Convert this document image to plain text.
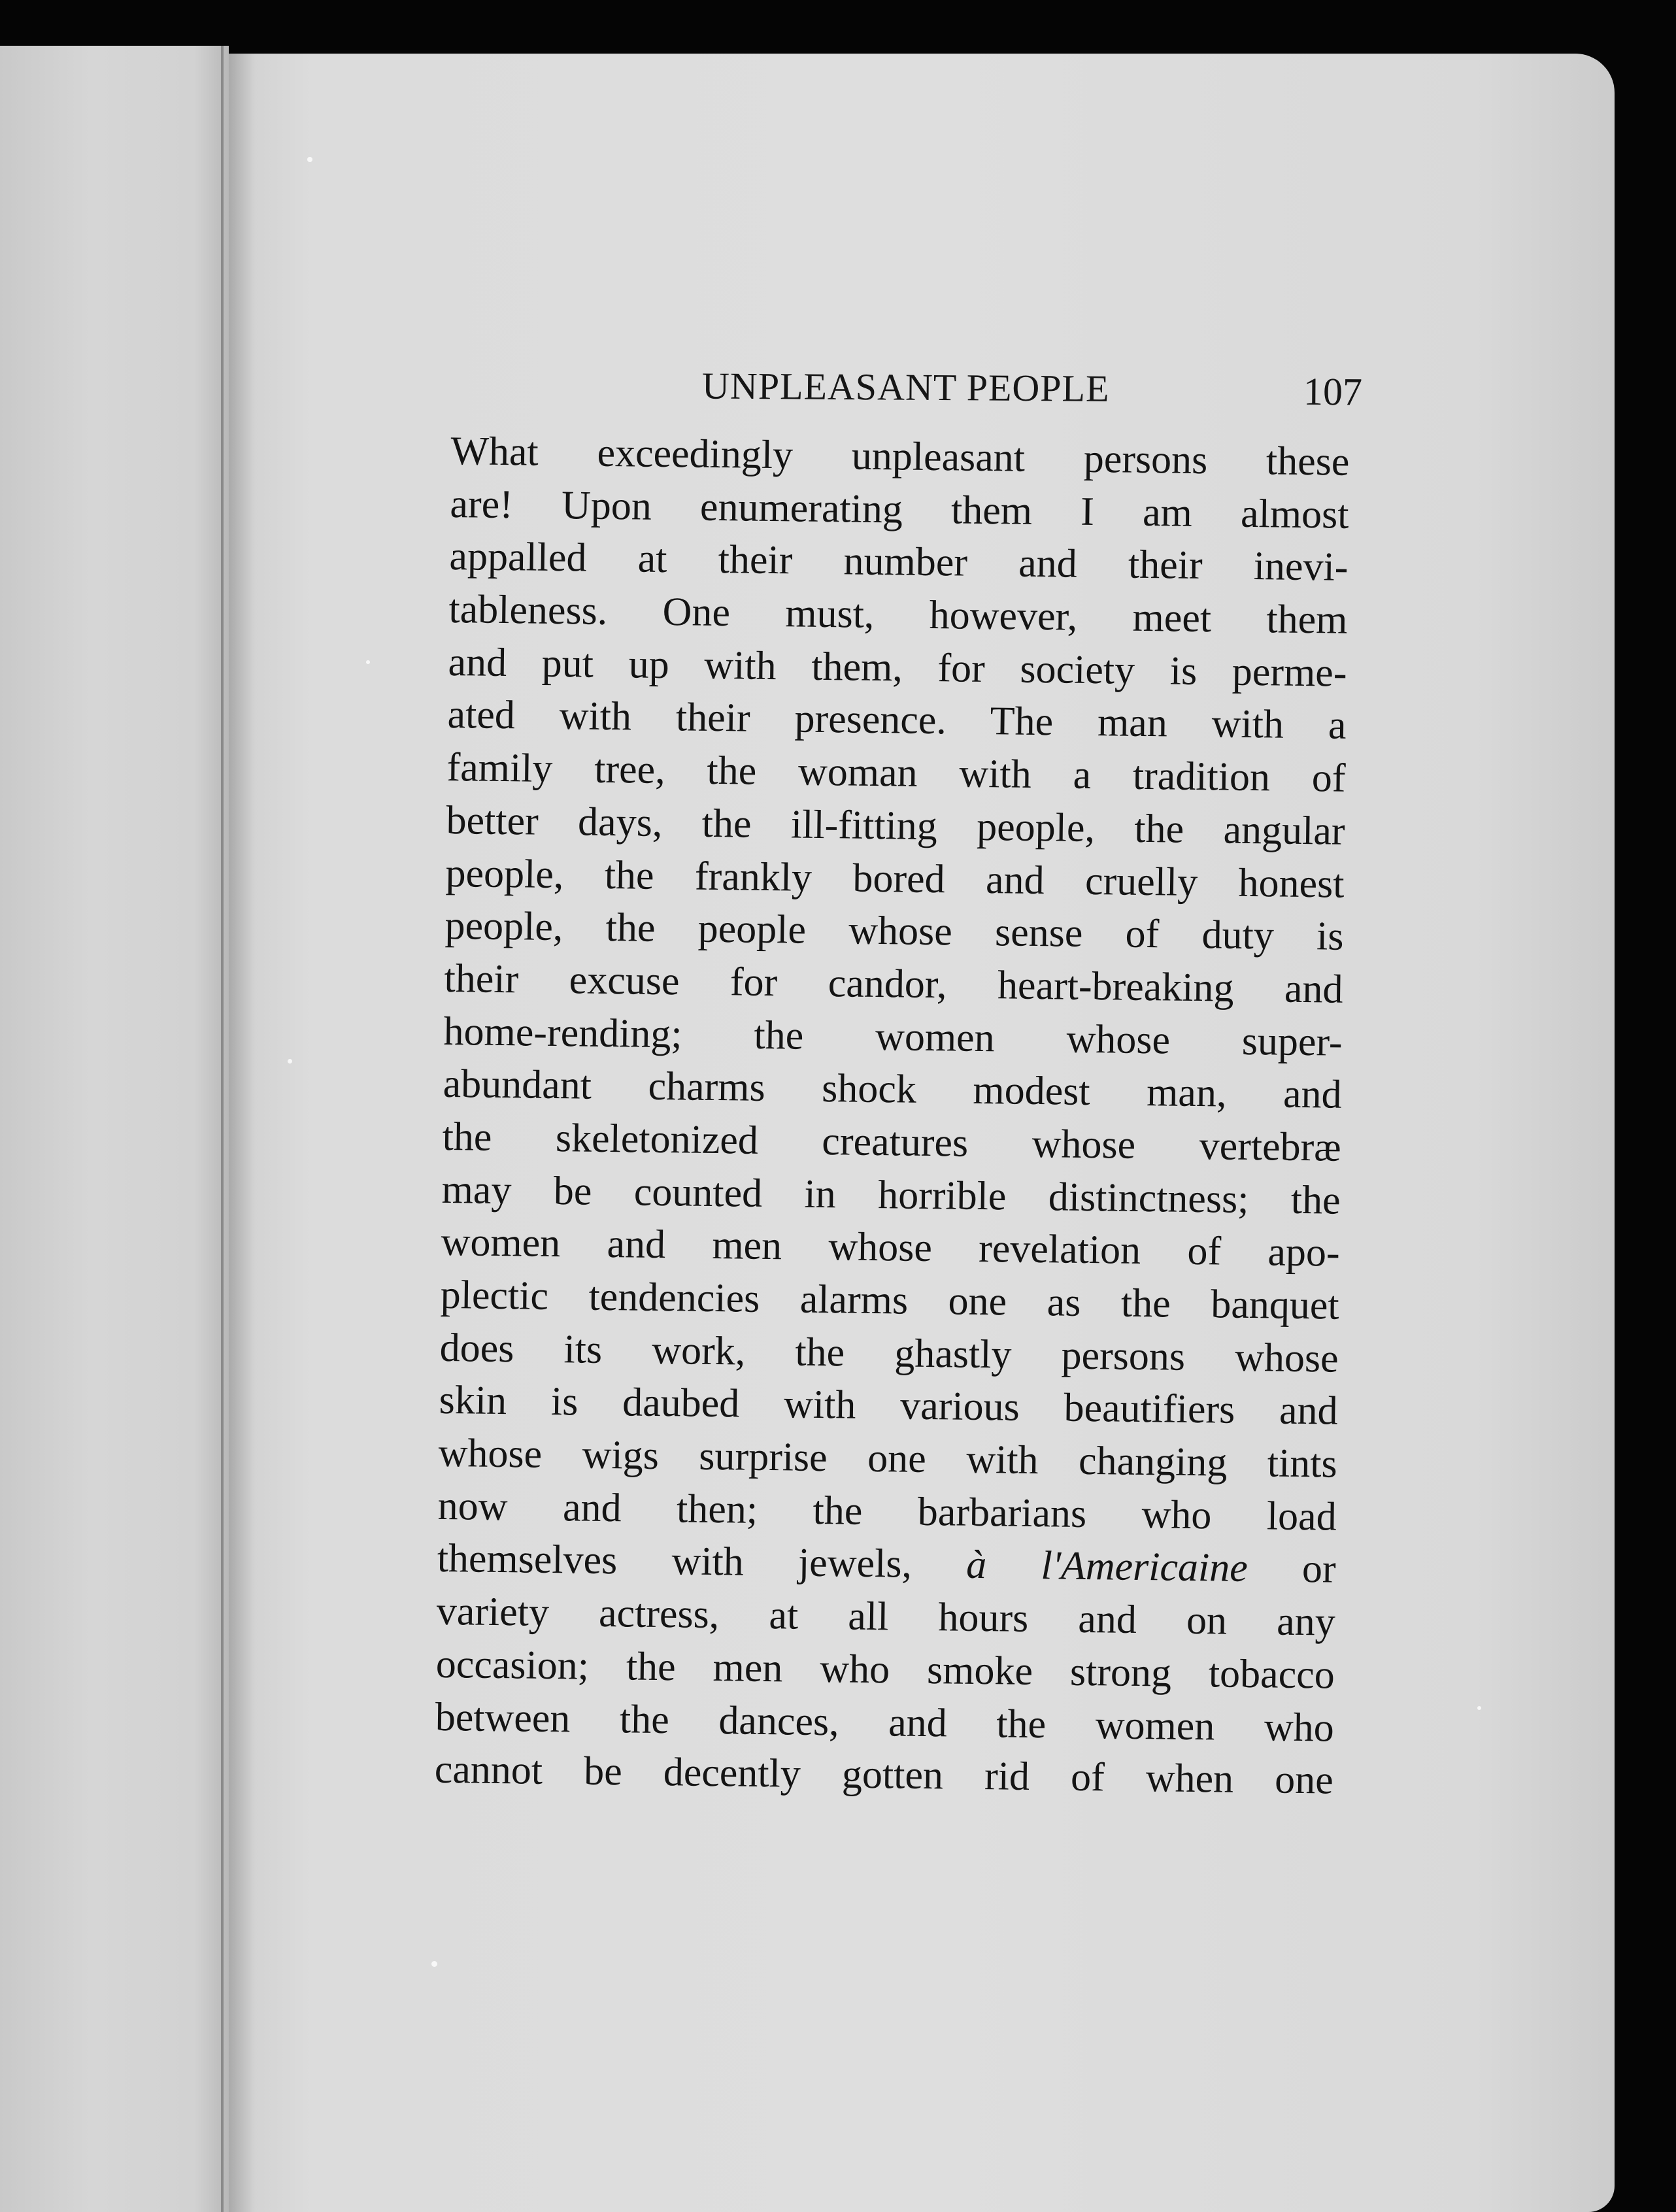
UNPLEASANT PEOPLE	107
What exceedingly unpleasant persons these
are! Upon enumerating them I am almost
appalled at their number and their inevi-
tableness. One must, however, meet them
and put up with them, for society is perme-
ated with their presence. The man with a
family tree, the woman with a tradition of
better days, the ill-fitting people, the angular
people, the frankly bored and cruelly honest
people, the people whose sense of duty is
their excuse for candor, heart-breaking and
home-rending; the women whose super-
abundant charms shock modest man, and
the skeletonized creatures whose vertebræ
may be counted in horrible distinctness; the
women and men whose revelation of apo-
plectic tendencies alarms one as the banquet
does its work, the ghastly persons whose
skin is daubed with various beautifiers and
whose wigs surprise one with changing tints
now and then; the barbarians who load
themselves with jewels, à l'Americaine or
variety actress, at all hours and on any
occasion; the men who smoke strong tobacco
between the dances, and the women who
cannot be decently gotten rid of when one
